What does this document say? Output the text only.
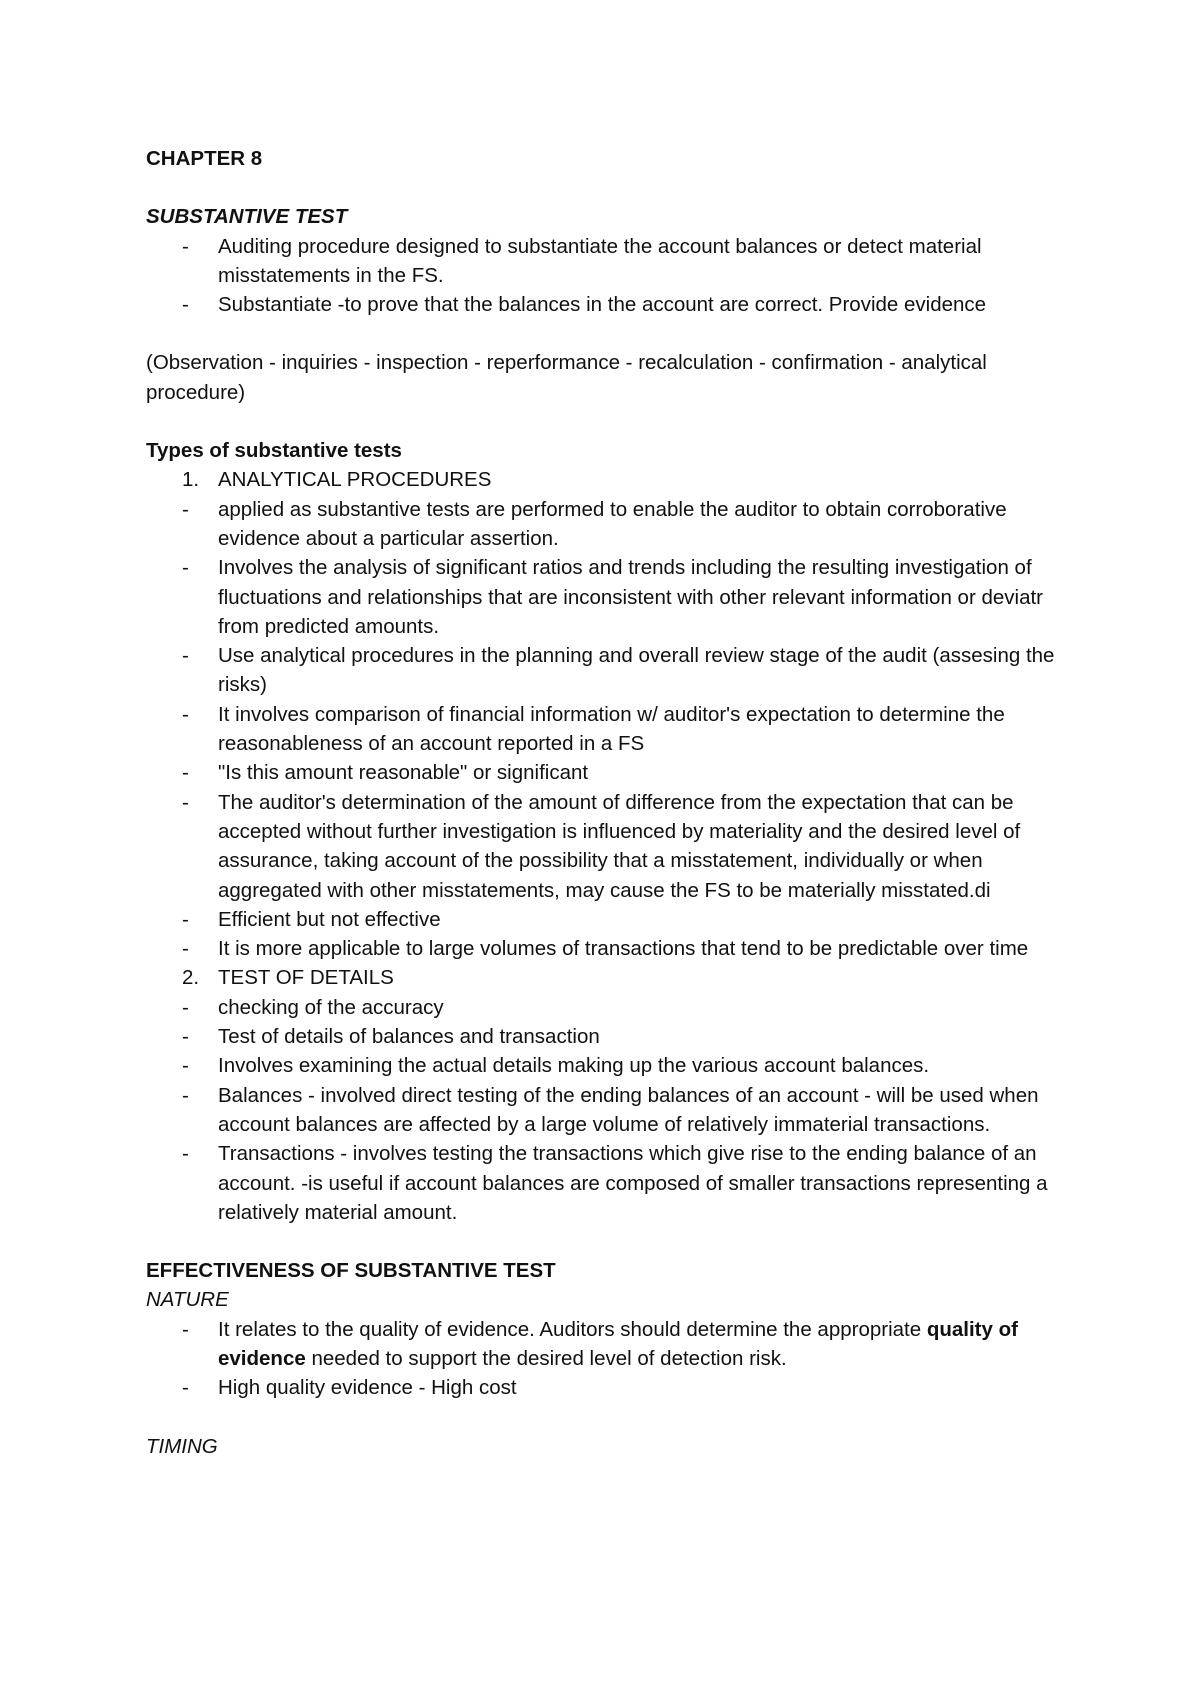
CHAPTER 8

SUBSTANTIVE TEST

- Auditing procedure designed to substantiate the account balances or detect material misstatements in the FS.
- Substantiate -to prove that the balances in the account are correct. Provide evidence

(Observation - inquiries - inspection - reperformance - recalculation - confirmation - analytical procedure)

Types of substantive tests

1. ANALYTICAL PROCEDURES
- applied as substantive tests are performed to enable the auditor to obtain corroborative evidence about a particular assertion.
- Involves the analysis of significant ratios and trends including the resulting investigation of fluctuations and relationships that are inconsistent with other relevant information or deviatr from predicted amounts.
- Use analytical procedures in the planning and overall review stage of the audit (assesing the risks)
- It involves comparison of financial information w/ auditor's expectation to determine the reasonableness of an account reported in a FS
- "Is this amount reasonable" or significant
- The auditor's determination of the amount of difference from the expectation that can be accepted without further investigation is influenced by materiality and the desired level of assurance, taking account of the possibility that a misstatement, individually or when aggregated with other misstatements, may cause the FS to be materially misstated.di
- Efficient but not effective
- It is more applicable to large volumes of transactions that tend to be predictable over time
2. TEST OF DETAILS
- checking of the accuracy
- Test of details of balances and transaction
- Involves examining the actual details making up the various account balances.
- Balances - involved direct testing of the ending balances of an account - will be used when account balances are affected by a large volume of relatively immaterial transactions.
- Transactions - involves testing the transactions which give rise to the ending balance of an account. -is useful if account balances are composed of smaller transactions representing a relatively material amount.

EFFECTIVENESS OF SUBSTANTIVE TEST

NATURE

- It relates to the quality of evidence. Auditors should determine the appropriate quality of evidence needed to support the desired level of detection risk.
- High quality evidence - High cost

TIMING
